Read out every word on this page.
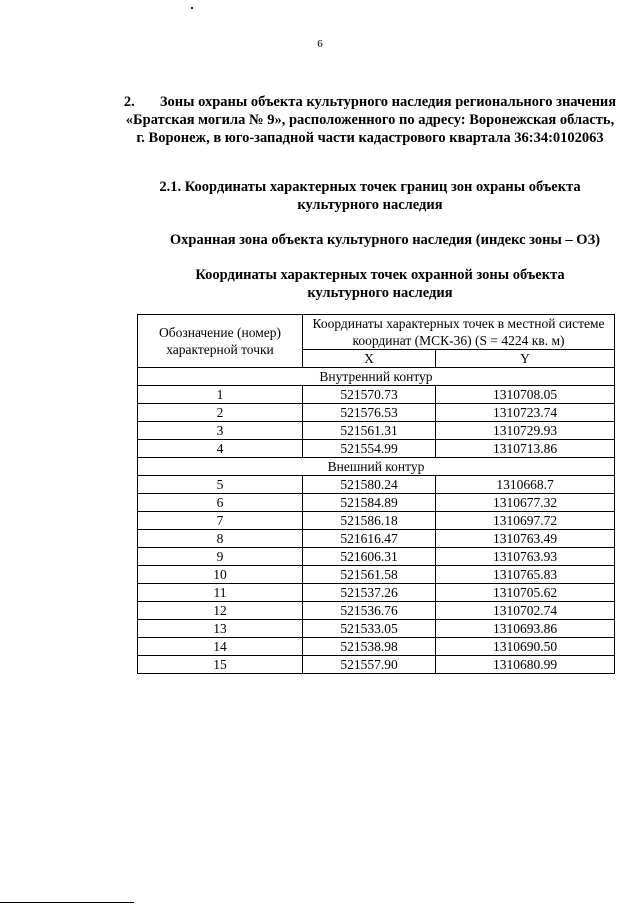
6
2. Зоны охраны объекта культурного наследия регионального значения «Братская могила № 9», расположенного по адресу: Воронежская область, г. Воронеж, в юго-западной части кадастрового квартала 36:34:0102063
2.1. Координаты характерных точек границ зон охраны объекта культурного наследия
Охранная зона объекта культурного наследия (индекс зоны – ОЗ)
Координаты характерных точек охранной зоны объекта культурного наследия
Обозначение (номер) характерной точки	Координаты характерных точек в местной системе координат (МСК-36) (S = 4224 кв. м)	
	X	Y
Внутренний контур		
1	521570.73	1310708.05
2	521576.53	1310723.74
3	521561.31	1310729.93
4	521554.99	1310713.86
Внешний контур		
5	521580.24	1310668.7
6	521584.89	1310677.32
7	521586.18	1310697.72
8	521616.47	1310763.49
9	521606.31	1310763.93
10	521561.58	1310765.83
11	521537.26	1310705.62
12	521536.76	1310702.74
13	521533.05	1310693.86
14	521538.98	1310690.50
15	521557.90	1310680.99
